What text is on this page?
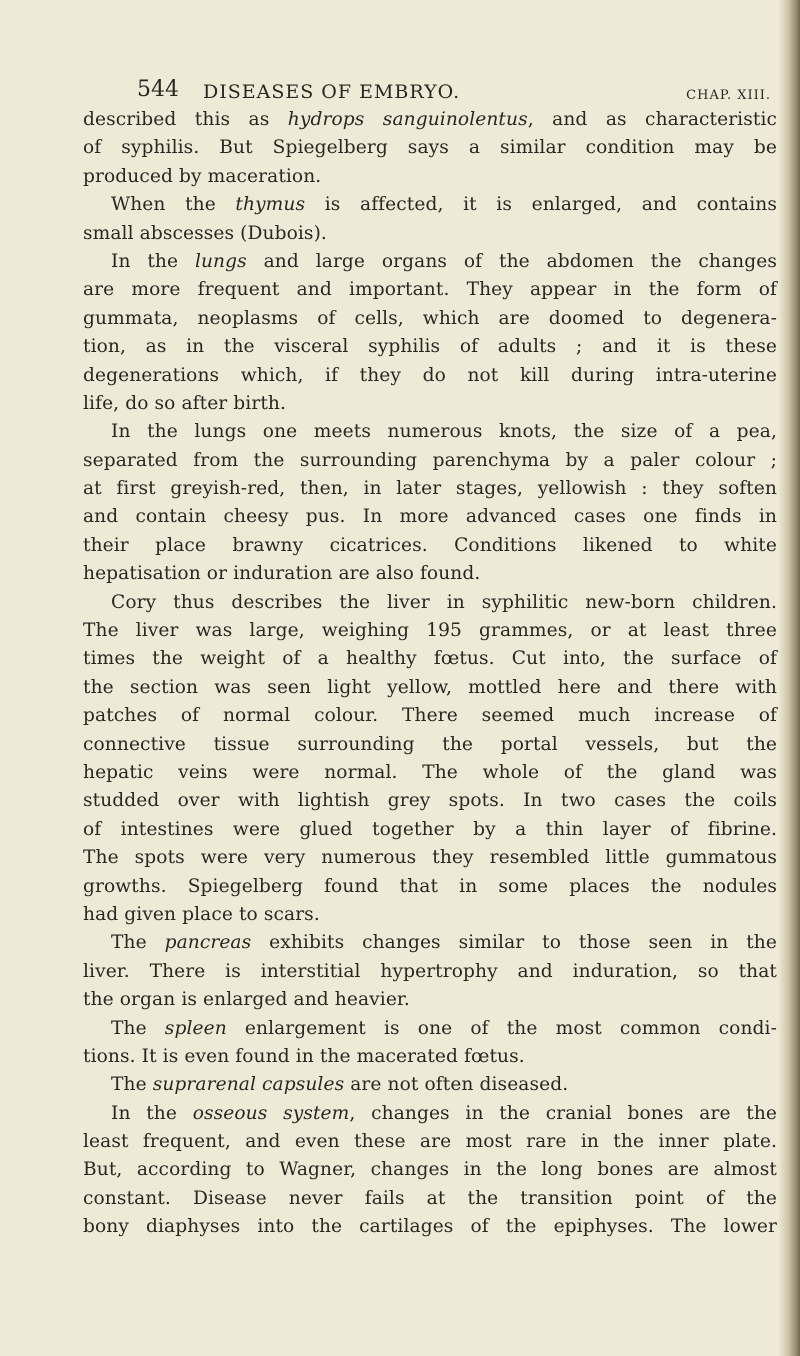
544 DISEASES OF EMBRYO.	CHAP. XIII.
described this as hydrops sanguinolentus, and as characteristic
of syphilis. But Spiegelberg says a similar condition may be
produced by maceration.
When the thymus is affected, it is enlarged, and contains
small abscesses (Dubois).
In the lungs and large organs of the abdomen the changes
are more frequent and important. They appear in the form of
gummata, neoplasms of cells, which are doomed to degenera-
tion, as in the visceral syphilis of adults ; and it is these
degenerations which, if they do not kill during intra-uterine
life, do so after birth.
In the lungs one meets numerous knots, the size of a pea,
separated from the surrounding parenchyma by a paler colour ;
at first greyish-red, then, in later stages, yellowish : they soften
and contain cheesy pus. In more advanced cases one finds in
their place brawny cicatrices. Conditions likened to white
hepatisation or induration are also found.
Cory thus describes the liver in syphilitic new-born children.
The liver was large, weighing 195 grammes, or at least three
times the weight of a healthy fœtus. Cut into, the surface of
the section was seen light yellow, mottled here and there with
patches of normal colour. There seemed much increase of
connective tissue surrounding the portal vessels, but the
hepatic veins were normal. The whole of the gland was
studded over with lightish grey spots. In two cases the coils
of intestines were glued together by a thin layer of fibrine.
The spots were very numerous they resembled little gummatous
growths. Spiegelberg found that in some places the nodules
had given place to scars.
The pancreas exhibits changes similar to those seen in the
liver. There is interstitial hypertrophy and induration, so that
the organ is enlarged and heavier.
The spleen enlargement is one of the most common condi-
tions. It is even found in the macerated fœtus.
The suprarenal capsules are not often diseased.
In the osseous system, changes in the cranial bones are the
least frequent, and even these are most rare in the inner plate.
But, according to Wagner, changes in the long bones are almost
constant. Disease never fails at the transition point of the
bony diaphyses into the cartilages of the epiphyses. The lower
